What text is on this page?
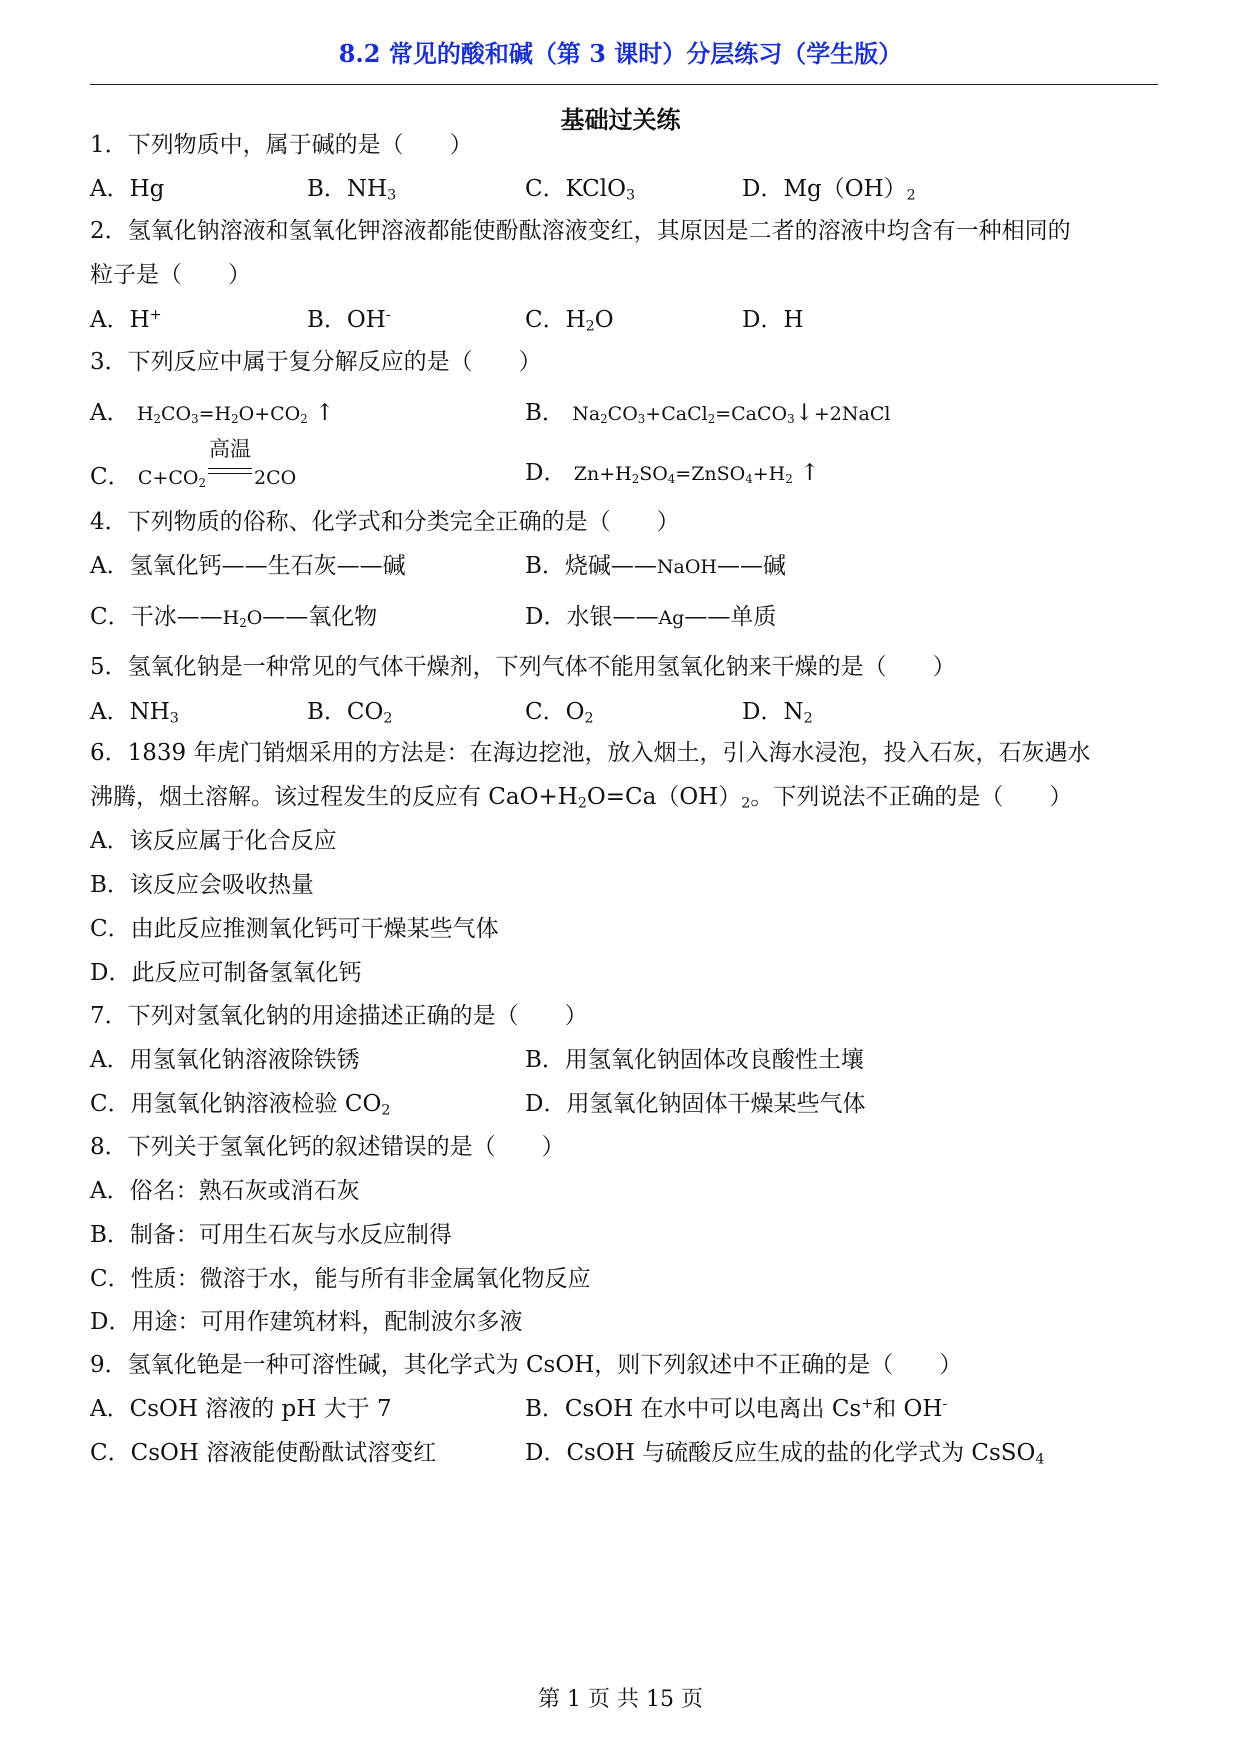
8.2 常见的酸和碱（第 3 课时）分层练习（学生版）
基础过关练
1．下列物质中，属于碱的是（　　）
A．Hg	B．$NH_3$	C．KClO$_3$	D．$Mg(OH)_2$
2．氢氧化钠溶液和氢氧化钾溶液都能使酚酞溶液变红，其原因是二者的溶液中均含有一种相同的
粒子是（　　）
A．H+	B．OH-	C．$H_2O$	D．H
3．下列反应中属于复分解反应的是（　　）
A． $H_2CO_3=H_2O+CO_2$ ↑	B． $Na_2CO_3+CaCl_2=CaCO_3↓+2NaCl$
C． $C+CO_2$
高温
2CO	D． $Zn+H_2SO_4=ZnSO_4+H_2$ ↑
4．下列物质的俗称、化学式和分类完全正确的是（　　）
A．氢氧化钙——生石灰——碱	B．烧碱——NaOH——碱
C．干冰$——H_2O——$氧化物	D．水银——Ag——单质
5．氢氧化钠是一种常见的气体干燥剂，下列气体不能用氢氧化钠来干燥的是（　　）
A．$NH_3$	B．$CO_2$	C．$O_2$	D．$N_2$
6．1839 年虎门销烟采用的方法是：在海边挖池，放入烟土，引入海水浸泡，投入石灰，石灰遇水
沸腾，烟土溶解。该过程发生的反应有 $CaO+H_2O=Ca(OH)_2$。下列说法不正确的是（　　）
A．该反应属于化合反应
B．该反应会吸收热量
C．由此反应推测氧化钙可干燥某些气体
D．此反应可制备氢氧化钙
7．下列对氢氧化钠的用途描述正确的是（　　）
A．用氢氧化钠溶液除铁锈	B．用氢氧化钠固体改良酸性土壤
C．用氢氧化钠溶液检验 $CO_2$	D．用氢氧化钠固体干燥某些气体
8．下列关于氢氧化钙的叙述错误的是（　　）
A．俗名：熟石灰或消石灰
B．制备：可用生石灰与水反应制得
C．性质：微溶于水，能与所有非金属氧化物反应
D．用途：可用作建筑材料，配制波尔多液
9．氢氧化铯是一种可溶性碱，其化学式为 CsOH，则下列叙述中不正确的是（　　）
A．CsOH 溶液的 pH 大于 7	B．CsOH 在水中可以电离出 Cs+和 OH-
C．CsOH 溶液能使酚酞试溶变红	D．CsOH 与硫酸反应生成的盐的化学式为 CsSO$_4$
第 1 页 共 15 页
